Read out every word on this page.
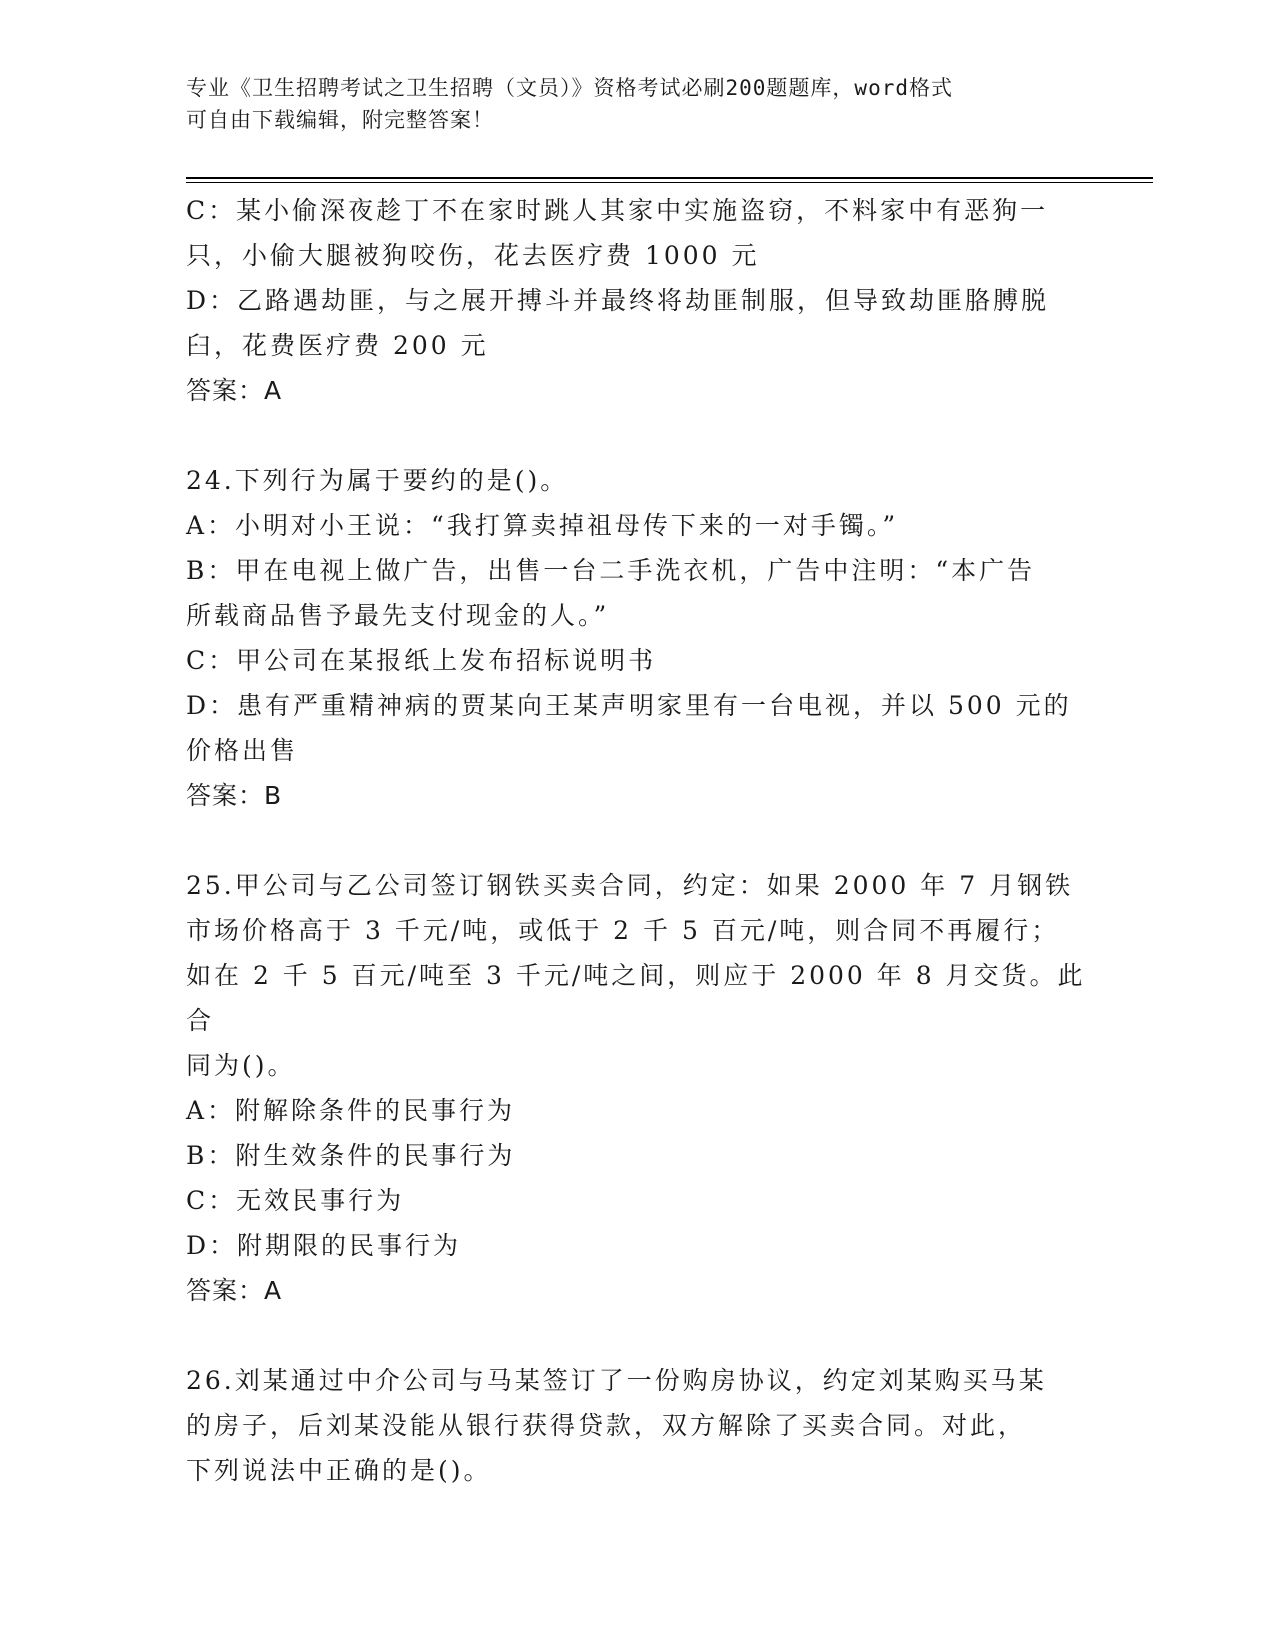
专业《卫生招聘考试之卫生招聘（文员）》资格考试必刷200题题库，word格式
可自由下载编辑，附完整答案！

C：某小偷深夜趁丁不在家时跳人其家中实施盗窃，不料家中有恶狗一

只，小偷大腿被狗咬伤，花去医疗费 1000 元

D：乙路遇劫匪，与之展开搏斗并最终将劫匪制服，但导致劫匪胳膊脱

臼，花费医疗费 200 元

答案：A

24.下列行为属于要约的是()。

A：小明对小王说：“我打算卖掉祖母传下来的一对手镯。”

B：甲在电视上做广告，出售一台二手洗衣机，广告中注明：“本广告

所载商品售予最先支付现金的人。”

C：甲公司在某报纸上发布招标说明书

D：患有严重精神病的贾某向王某声明家里有一台电视，并以 500 元的

价格出售

答案：B

25.甲公司与乙公司签订钢铁买卖合同，约定：如果 2000 年 7 月钢铁

市场价格高于 3 千元/吨，或低于 2 千 5 百元/吨，则合同不再履行；

如在 2 千 5 百元/吨至 3 千元/吨之间，则应于 2000 年 8 月交货。此合

同为()。

A：附解除条件的民事行为

B：附生效条件的民事行为

C：无效民事行为

D：附期限的民事行为

答案：A

26.刘某通过中介公司与马某签订了一份购房协议，约定刘某购买马某

的房子，后刘某没能从银行获得贷款，双方解除了买卖合同。对此，

下列说法中正确的是()。
